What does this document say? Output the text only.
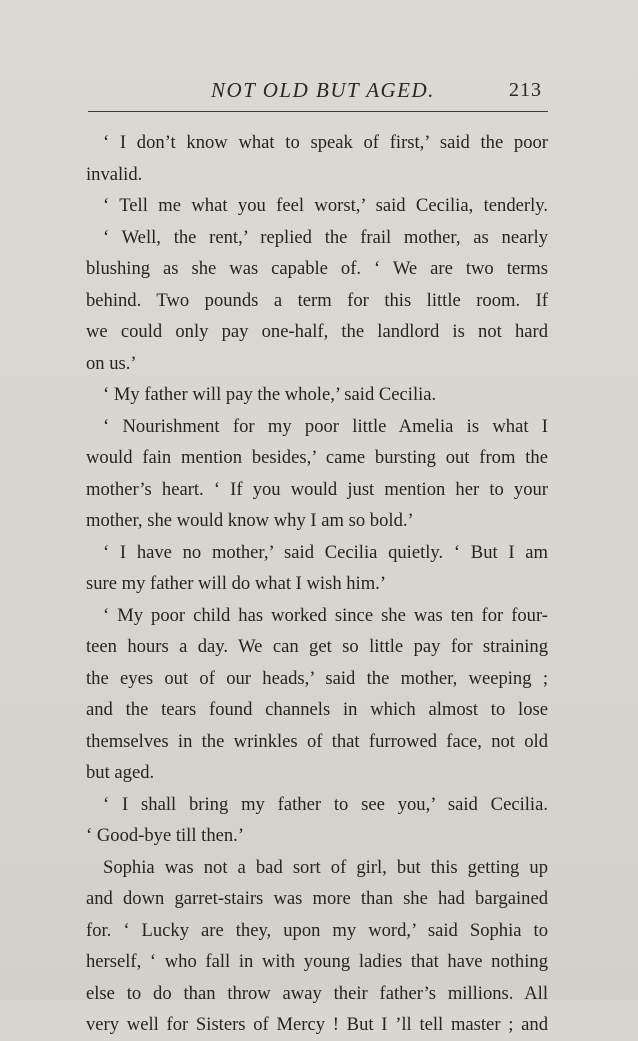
NOT OLD BUT AGED.	213
‘ I don’t know what to speak of first,’ said the poor
invalid.
‘ Tell me what you feel worst,’ said Cecilia, tenderly.
‘ Well, the rent,’ replied the frail mother, as nearly
blushing as she was capable of. ‘ We are two terms
behind. Two pounds a term for this little room. If
we could only pay one-half, the landlord is not hard
on us.’
‘ My father will pay the whole,’ said Cecilia.
‘ Nourishment for my poor little Amelia is what I
would fain mention besides,’ came bursting out from the
mother’s heart. ‘ If you would just mention her to your
mother, she would know why I am so bold.’
‘ I have no mother,’ said Cecilia quietly. ‘ But I am
sure my father will do what I wish him.’
‘ My poor child has worked since she was ten for four-
teen hours a day. We can get so little pay for straining
the eyes out of our heads,’ said the mother, weeping ;
and the tears found channels in which almost to lose
themselves in the wrinkles of that furrowed face, not old
but aged.
‘ I shall bring my father to see you,’ said Cecilia.
‘ Good-bye till then.’
Sophia was not a bad sort of girl, but this getting up
and down garret-stairs was more than she had bargained
for. ‘ Lucky are they, upon my word,’ said Sophia to
herself, ‘ who fall in with young ladies that have nothing
else to do than throw away their father’s millions. All
very well for Sisters of Mercy ! But I ’ll tell master ; and
